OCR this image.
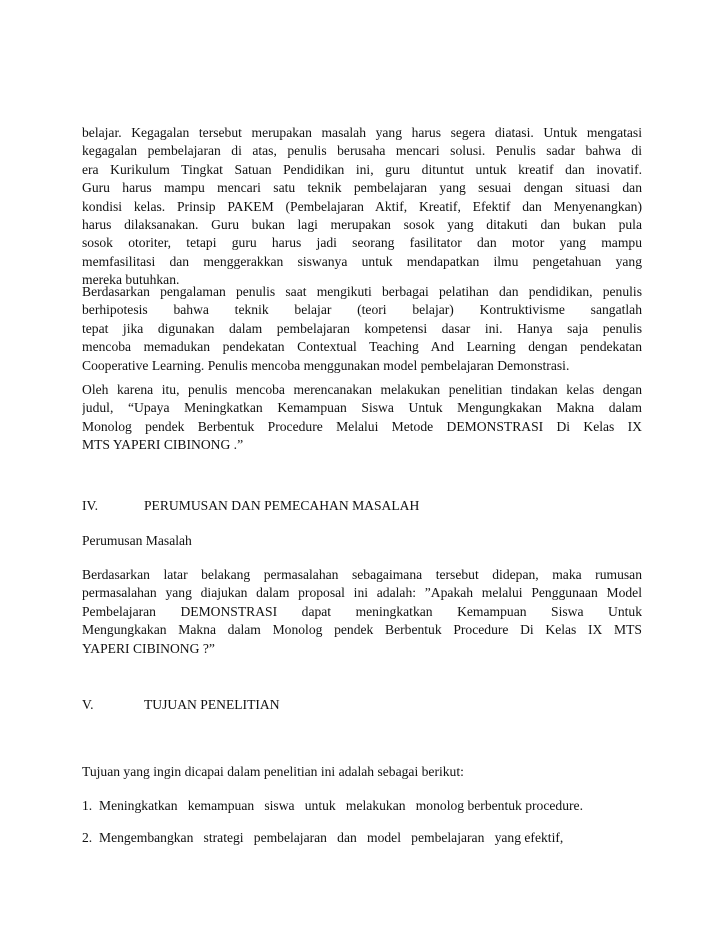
belajar. Kegagalan tersebut merupakan masalah yang harus segera diatasi. Untuk mengatasi
kegagalan pembelajaran di atas, penulis berusaha mencari solusi. Penulis sadar bahwa di
era Kurikulum Tingkat Satuan Pendidikan ini, guru dituntut untuk kreatif dan inovatif.
Guru harus mampu mencari satu teknik pembelajaran yang sesuai dengan situasi dan
kondisi kelas. Prinsip PAKEM (Pembelajaran Aktif, Kreatif, Efektif dan Menyenangkan)
harus dilaksanakan. Guru bukan lagi merupakan sosok yang ditakuti dan bukan pula
sosok otoriter, tetapi guru harus jadi seorang fasilitator dan motor yang mampu
memfasilitasi dan menggerakkan siswanya untuk mendapatkan ilmu pengetahuan yang
mereka butuhkan.
Berdasarkan pengalaman penulis saat mengikuti berbagai pelatihan dan pendidikan, penulis
berhipotesis bahwa teknik belajar (teori belajar) Kontruktivisme sangatlah
tepat jika digunakan dalam pembelajaran kompetensi dasar ini. Hanya saja penulis
mencoba memadukan pendekatan Contextual Teaching And Learning dengan pendekatan
Cooperative Learning. Penulis mencoba menggunakan model pembelajaran Demonstrasi.
Oleh karena itu, penulis mencoba merencanakan melakukan penelitian tindakan kelas dengan
judul, “Upaya Meningkatkan Kemampuan Siswa Untuk Mengungkakan Makna dalam
Monolog pendek Berbentuk Procedure Melalui Metode DEMONSTRASI Di Kelas IX
MTS YAPERI CIBINONG .”
IV.	PERUMUSAN DAN PEMECAHAN MASALAH
Perumusan Masalah
Berdasarkan latar belakang permasalahan sebagaimana tersebut didepan, maka rumusan
permasalahan yang diajukan dalam proposal ini adalah: ”Apakah melalui Penggunaan Model
Pembelajaran DEMONSTRASI dapat meningkatkan Kemampuan Siswa Untuk
Mengungkakan Makna dalam Monolog pendek Berbentuk Procedure Di Kelas IX MTS
YAPERI CIBINONG ?”
V.	TUJUAN PENELITIAN
Tujuan yang ingin dicapai dalam penelitian ini adalah sebagai berikut:
1.  Meningkatkan   kemampuan   siswa   untuk   melakukan   monolog berbentuk procedure.
2.  Mengembangkan   strategi   pembelajaran   dan   model   pembelajaran   yang efektif,
